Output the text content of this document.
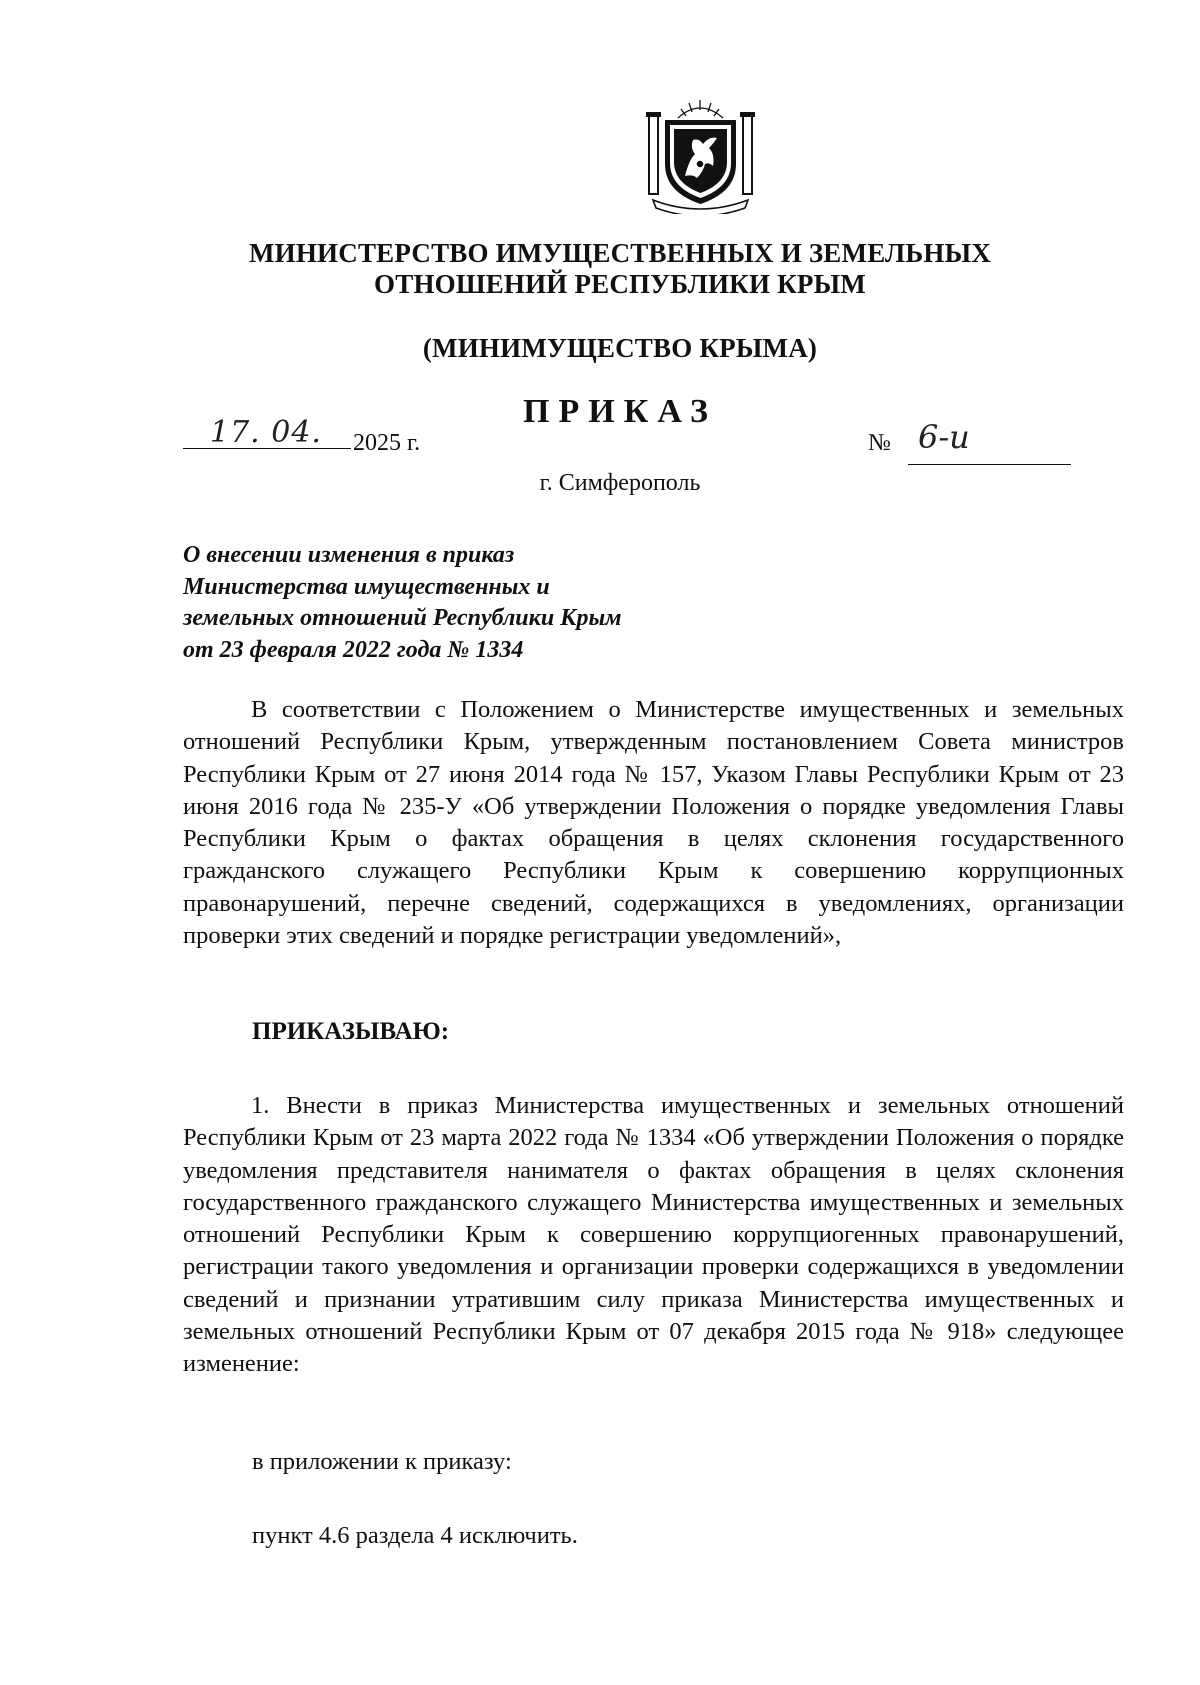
МИНИСТЕРСТВО ИМУЩЕСТВЕННЫХ И ЗЕМЕЛЬНЫХ
ОТНОШЕНИЙ РЕСПУБЛИКИ КРЫМ
(МИНИМУЩЕСТВО КРЫМА)
ПРИКАЗ
17. 04. 2025 г.	№ 6-и
г. Симферополь
О внесении изменения в приказ
Министерства имущественных и
земельных отношений Республики Крым
от 23 февраля 2022 года № 1334
В соответствии с Положением о Министерстве имущественных и земельных отношений Республики Крым, утвержденным постановлением Совета министров Республики Крым от 27 июня 2014 года № 157, Указом Главы Республики Крым от 23 июня 2016 года № 235-У «Об утверждении Положения о порядке уведомления Главы Республики Крым о фактах обращения в целях склонения государственного гражданского служащего Республики Крым к совершению коррупционных правонарушений, перечне сведений, содержащихся в уведомлениях, организации проверки этих сведений и порядке регистрации уведомлений»,
ПРИКАЗЫВАЮ:
1. Внести в приказ Министерства имущественных и земельных отношений Республики Крым от 23 марта 2022 года № 1334 «Об утверждении Положения о порядке уведомления представителя нанимателя о фактах обращения в целях склонения государственного гражданского служащего Министерства имущественных и земельных отношений Республики Крым к совершению коррупциогенных правонарушений, регистрации такого уведомления и организации проверки содержащихся в уведомлении сведений и признании утратившим силу приказа Министерства имущественных и земельных отношений Республики Крым от 07 декабря 2015 года № 918» следующее изменение:
в приложении к приказу:
пункт 4.6 раздела 4 исключить.
